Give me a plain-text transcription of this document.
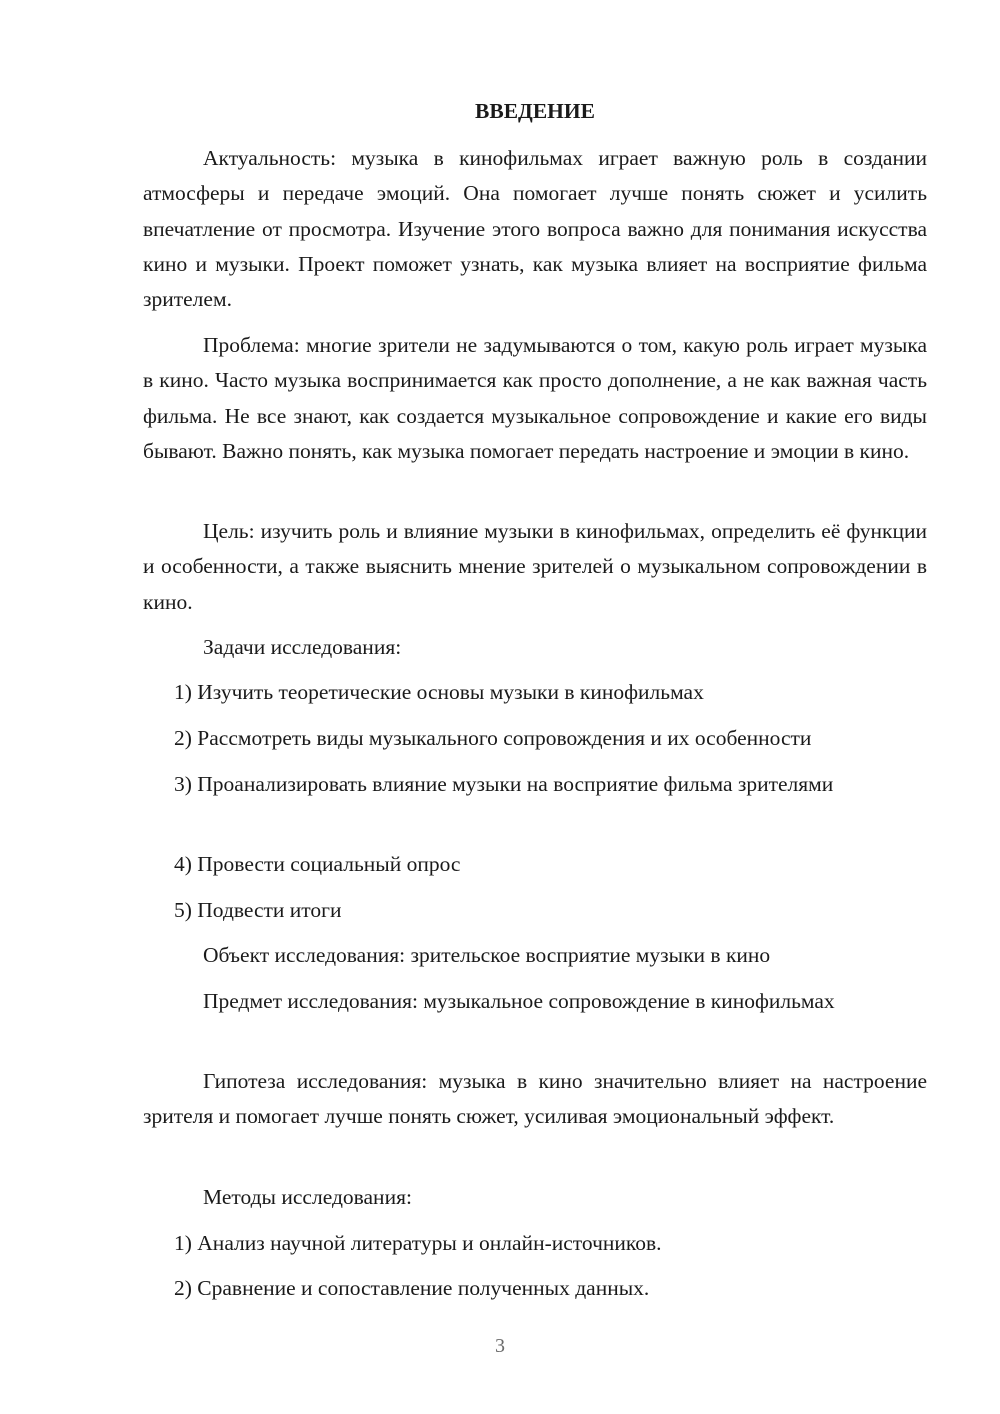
ВВЕДЕНИЕ

Актуальность: музыка в кинофильмах играет важную роль в создании атмосферы и передаче эмоций. Она помогает лучше понять сюжет и усилить впечатление от просмотра. Изучение этого вопроса важно для понимания искусства кино и музыки. Проект поможет узнать, как музыка влияет на восприятие фильма зрителем.

Проблема: многие зрители не задумываются о том, какую роль играет музыка в кино. Часто музыка воспринимается как просто дополнение, а не как важная часть фильма. Не все знают, как создается музыкальное сопровождение и какие его виды бывают. Важно понять, как музыка помогает передать настроение и эмоции в кино.

Цель: изучить роль и влияние музыки в кинофильмах, определить её функции и особенности, а также выяснить мнение зрителей о музыкальном сопровождении в кино.

Задачи исследования:

1) Изучить теоретические основы музыки в кинофильмах

2) Рассмотреть виды музыкального сопровождения и их особенности

3) Проанализировать влияние музыки на восприятие фильма зрителями

4) Провести социальный опрос

5) Подвести итоги

Объект исследования: зрительское восприятие музыки в кино

Предмет исследования: музыкальное сопровождение в кинофильмах

Гипотеза исследования: музыка в кино значительно влияет на настроение зрителя и помогает лучше понять сюжет, усиливая эмоциональный эффект.

Методы исследования:

1) Анализ научной литературы и онлайн-источников.

2) Сравнение и сопоставление полученных данных.

3
